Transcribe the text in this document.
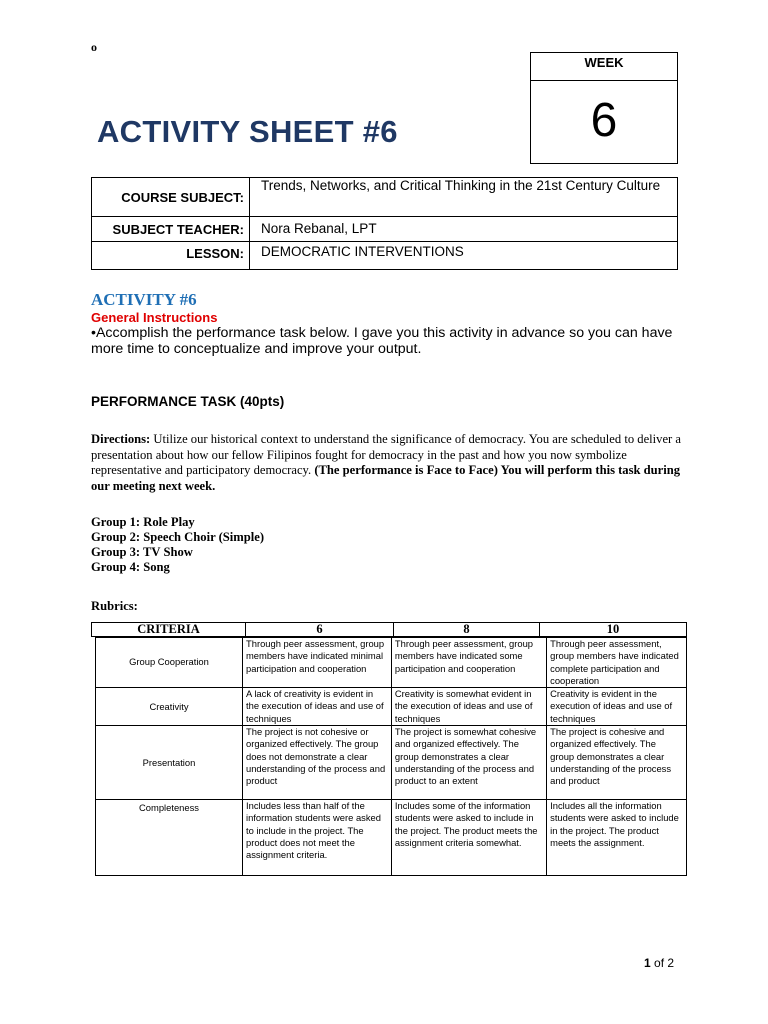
o
WEEK
6
ACTIVITY SHEET #6
COURSE SUBJECT:	Trends, Networks, and Critical Thinking in the 21st Century Culture
SUBJECT TEACHER:	Nora Rebanal, LPT
LESSON:	DEMOCRATIC INTERVENTIONS
ACTIVITY #6
General Instructions
•Accomplish the performance task below. I gave you this activity in advance so you can have more time to conceptualize and improve your output.
PERFORMANCE TASK (40pts)
Directions: Utilize our historical context to understand the significance of democracy. You are scheduled to deliver a presentation about how our fellow Filipinos fought for democracy in the past and how you now symbolize representative and participatory democracy. (The performance is Face to Face) You will perform this task during our meeting next week.
Group 1: Role Play
Group 2: Speech Choir (Simple)
Group 3: TV Show
Group 4: Song
Rubrics:
CRITERIA	6	8	10
Group Cooperation	Through peer assessment, group members have indicated minimal participation and cooperation	Through peer assessment, group members have indicated some participation and cooperation	Through peer assessment, group members have indicated complete participation and cooperation
Creativity	A lack of creativity is evident in the execution of ideas and use of techniques	Creativity is somewhat evident in the execution of ideas and use of techniques	Creativity is evident in the execution of ideas and use of techniques
Presentation	The project is not cohesive or organized effectively. The group does not demonstrate a clear understanding of the process and product	The project is somewhat cohesive and organized effectively. The group demonstrates a clear understanding of the process and product to an extent	The project is cohesive and organized effectively. The group demonstrates a clear understanding of the process and product

Completeness	Includes less than half of the information students were asked to include in the project. The product does not meet the assignment criteria.	Includes some of the information students were asked to include in the project. The product meets the assignment criteria somewhat.	Includes all the information students were asked to include in the project. The product meets the assignment.
1 of 2
